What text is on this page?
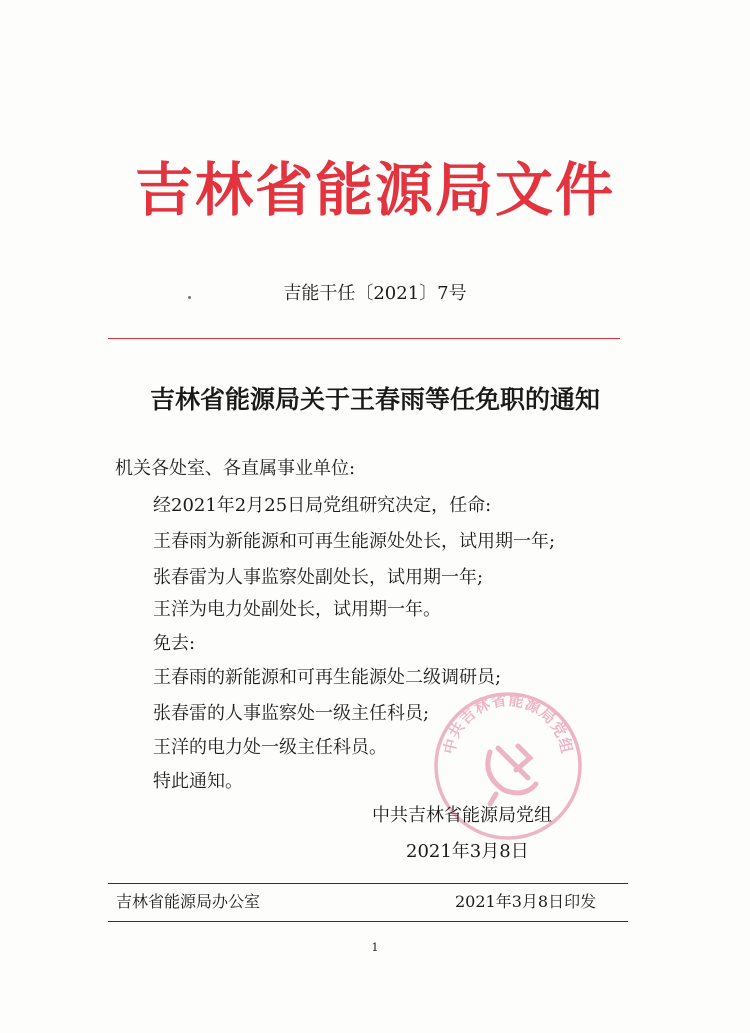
吉林省能源局文件
吉能干任〔2021〕7号
吉林省能源局关于王春雨等任免职的通知
机关各处室、各直属事业单位:
经2021年2月25日局党组研究决定，任命:
王春雨为新能源和可再生能源处处长，试用期一年;
张春雷为人事监察处副处长，试用期一年;
王洋为电力处副处长，试用期一年。
免去:
王春雨的新能源和可再生能源处二级调研员;
张春雷的人事监察处一级主任科员;
王洋的电力处一级主任科员。
特此通知。
中共吉林省能源局党组
中共吉林省能源局党组
2021年3月8日
吉林省能源局办公室	2021年3月8日印发
1
